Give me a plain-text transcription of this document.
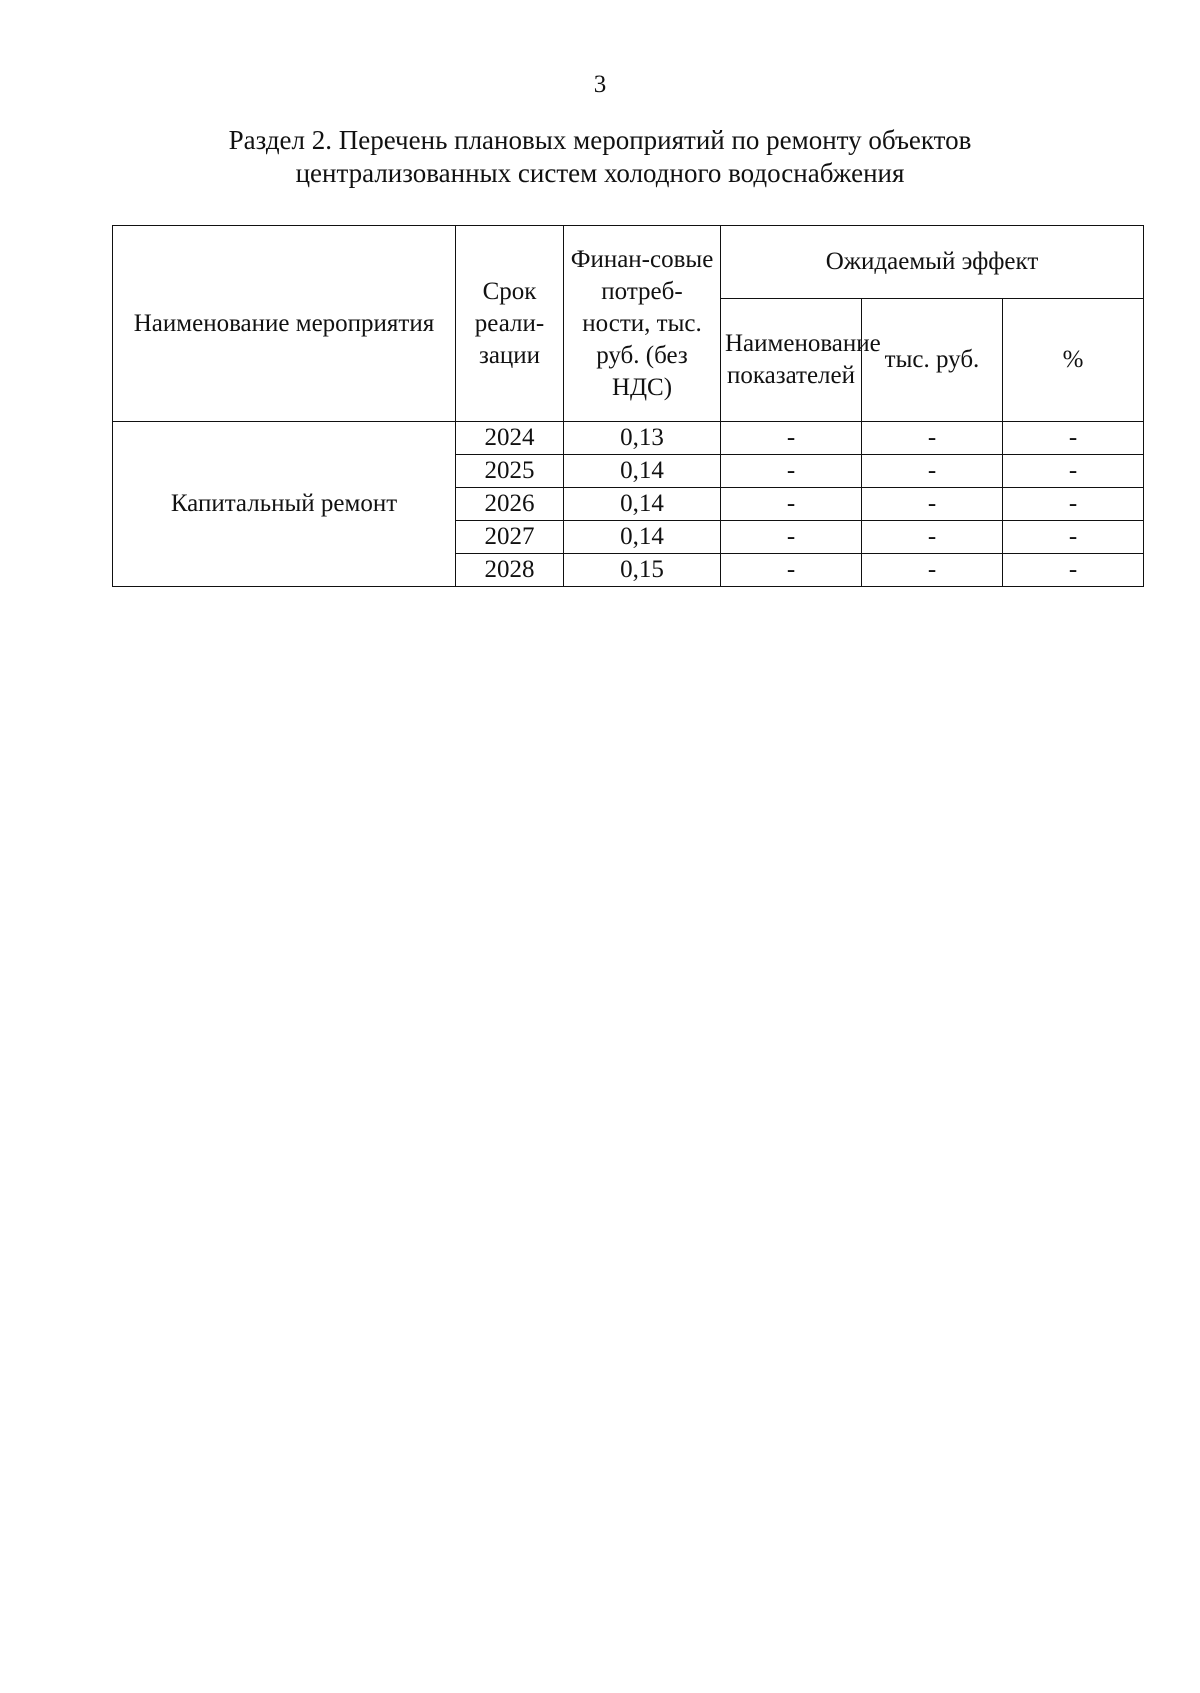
3
Раздел 2. Перечень плановых мероприятий по ремонту объектов
централизованных систем холодного водоснабжения
Наименование мероприятия	Срок реали-зации	Финан-совые потреб-ности, тыс. руб. (без НДС)	Ожидаемый эффект		
			Наименование показателей	тыс. руб.	%
Капитальный ремонт	2024	0,13	-	-	-
	2025	0,14	-	-	-
	2026	0,14	-	-	-
	2027	0,14	-	-	-
	2028	0,15	-	-	-
